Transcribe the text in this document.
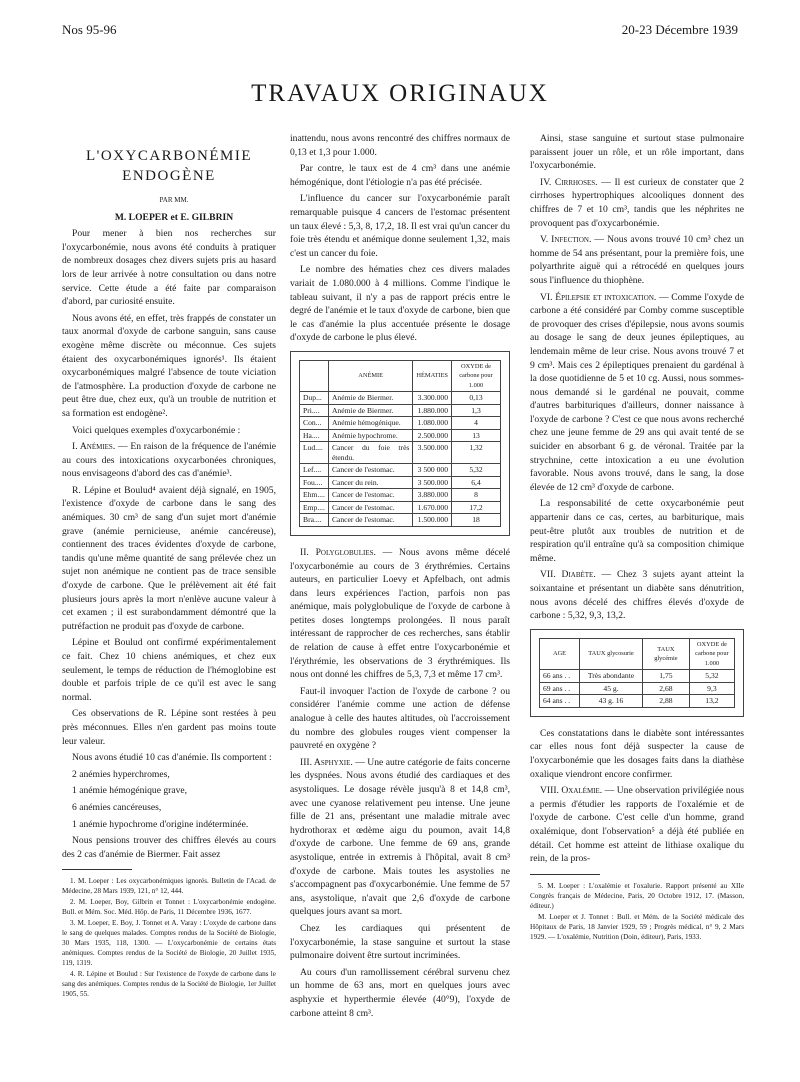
Nos 95-96	20-23 Décembre 1939
TRAVAUX ORIGINAUX
L'OXYCARBONÉMIE
ENDOGÈNE

PAR MM.

M. LOEPER et E. GILBRIN

Pour mener à bien nos recherches sur l'oxycarbonémie, nous avons été conduits à pratiquer de nombreux dosages chez divers sujets pris au hasard lors de leur arrivée à notre consultation ou dans notre service. Cette étude a été faite par comparaison d'abord, par curiosité ensuite.

Nous avons été, en effet, très frappés de constater un taux anormal d'oxyde de carbone sanguin, sans cause exogène même discrète ou méconnue. Ces sujets étaient des oxycarbonémiques ignorés¹. Ils étaient oxycarbonémiques malgré l'absence de toute viciation de l'atmosphère. La production d'oxyde de carbone ne peut être due, chez eux, qu'à un trouble de nutrition et sa formation est endogène².

Voici quelques exemples d'oxycarbonémie :

I. Anémies. — En raison de la fréquence de l'anémie au cours des intoxications oxycarbonées chroniques, nous envisageons d'abord des cas d'anémie³.

R. Lépine et Boulud⁴ avaient déjà signalé, en 1905, l'existence d'oxyde de carbone dans le sang des anémiques. 30 cm³ de sang d'un sujet mort d'anémie grave (anémie pernicieuse, anémie cancéreuse), contiennent des traces évidentes d'oxyde de carbone, tandis qu'une même quantité de sang prélevée chez un sujet non anémique ne contient pas de trace sensible d'oxyde de carbone. Que le prélèvement ait été fait plusieurs jours après la mort n'enlève aucune valeur à cet examen ; il est surabondamment démontré que la putréfaction ne produit pas d'oxyde de carbone.

Lépine et Boulud ont confirmé expérimentalement ce fait. Chez 10 chiens anémiques, et chez eux seulement, le temps de réduction de l'hémoglobine est double et parfois triple de ce qu'il est avec le sang normal.

Ces observations de R. Lépine sont restées à peu près méconnues. Elles n'en gardent pas moins toute leur valeur.

Nous avons étudié 10 cas d'anémie. Ils comportent :

2 anémies hyperchromes,

1 anémie hémogénique grave,

6 anémies cancéreuses,

1 anémie hypochrome d'origine indéterminée.

Nous pensions trouver des chiffres élevés au cours des 2 cas d'anémie de Biermer. Fait assez

1. M. Loeper : Les oxycarbonémiques ignorés. Bulletin de l'Acad. de Médecine, 28 Mars 1939, 121, n° 12, 444.
2. M. Loeper, Boy, Gilbrin et Tonnet : L'oxycarbonémie endogène. Bull. et Mém. Soc. Méd. Hôp. de Paris, 11 Décembre 1936, 1677.
3. M. Loeper, E. Boy, J. Tonnet et A. Varay : L'oxyde de carbone dans le sang de quelques malades. Comptes rendus de la Société de Biologie, 30 Mars 1935, 118, 1300. — L'oxycarbonémie de certains états anémiques. Comptes rendus de la Société de Biologie, 20 Juillet 1935, 119, 1319.
4. R. Lépine et Boulud : Sur l'existence de l'oxyde de carbone dans le sang des anémiques. Comptes rendus de la Société de Biologie, 1er Juillet 1905, 55.

inattendu, nous avons rencontré des chiffres normaux de 0,13 et 1,3 pour 1.000.

Par contre, le taux est de 4 cm³ dans une anémie hémogénique, dont l'étiologie n'a pas été précisée.

L'influence du cancer sur l'oxycarbonémie paraît remarquable puisque 4 cancers de l'estomac présentent un taux élevé : 5,3, 8, 17,2, 18. Il est vrai qu'un cancer du foie très étendu et anémique donne seulement 1,32, mais c'est un cancer du foie.

Le nombre des hématies chez ces divers malades variait de 1.080.000 à 4 millions. Comme l'indique le tableau suivant, il n'y a pas de rapport précis entre le degré de l'anémie et le taux d'oxyde de carbone, bien que le cas d'anémie la plus accentuée présente le dosage d'oxyde de carbone le plus élevé.

	ANÉMIE	HÉMATIES	OXYDE de carbone pour 1.000
Dup...	Anémie de Biermer.	3.300.000	0,13
Pri....	Anémie de Biermer.	1.880.000	1,3
Con...	Anémie hémogénique.	1.080.000	4
Ha....	Anémie hypochrome.	2.500.000	13
Lud....	Cancer du foie très étendu.	3.500.000	1,32
Lef....	Cancer de l'estomac.	3 500 000	5,32
Fou....	Cancer du rein.	3 500.000	6,4
Ehm....	Cancer de l'estomac.	3.880.000	8
Emp....	Cancer de l'estomac.	1.670.000	17,2
Bra....	Cancer de l'estomac.	1.500.000	18

II. Polyglobulies. — Nous avons même décelé l'oxycarbonémie au cours de 3 érythrémies. Certains auteurs, en particulier Loevy et Apfelbach, ont admis dans leurs expériences l'action, parfois non pas anémique, mais polyglobulique de l'oxyde de carbone à petites doses longtemps prolongées. Il nous paraît intéressant de rapprocher de ces recherches, sans établir de relation de cause à effet entre l'oxycarbonémie et l'érythrémie, les observations de 3 érythrémiques. Ils nous ont donné les chiffres de 5,3, 7,3 et même 17 cm³.

Faut-il invoquer l'action de l'oxyde de carbone ? ou considérer l'anémie comme une action de défense analogue à celle des hautes altitudes, où l'accroissement du nombre des globules rouges vient compenser la pauvreté en oxygène ?

III. Asphyxie. — Une autre catégorie de faits concerne les dyspnées. Nous avons étudié des cardiaques et des asystoliques. Le dosage révèle jusqu'à 8 et 14,8 cm³, avec une cyanose relativement peu intense. Une jeune fille de 21 ans, présentant une maladie mitrale avec hydrothorax et œdème aigu du poumon, avait 14,8 d'oxyde de carbone. Une femme de 69 ans, grande asystolique, entrée in extremis à l'hôpital, avait 8 cm³ d'oxyde de carbone. Mais toutes les asystolies ne s'accompagnent pas d'oxycarbonémie. Une femme de 57 ans, asystolique, n'avait que 2,6 d'oxyde de carbone quelques jours avant sa mort.

Chez les cardiaques qui présentent de l'oxycarbonémie, la stase sanguine et surtout la stase pulmonaire doivent être surtout incriminées.

Au cours d'un ramollissement cérébral survenu chez un homme de 63 ans, mort en quelques jours avec asphyxie et hyperthermie élevée (40°9), l'oxyde de carbone atteint 8 cm³.

Ainsi, stase sanguine et surtout stase pulmonaire paraissent jouer un rôle, et un rôle important, dans l'oxycarbonémie.

IV. Cirrhoses. — Il est curieux de constater que 2 cirrhoses hypertrophiques alcooliques donnent des chiffres de 7 et 10 cm³, tandis que les néphrites ne provoquent pas d'oxycarbonémie.

V. Infection. — Nous avons trouvé 10 cm³ chez un homme de 54 ans présentant, pour la première fois, une polyarthrite aiguë qui a rétrocédé en quelques jours sous l'influence du thiophène.

VI. Épilepsie et intoxication. — Comme l'oxyde de carbone a été considéré par Comby comme susceptible de provoquer des crises d'épilepsie, nous avons soumis au dosage le sang de deux jeunes épileptiques, au lendemain même de leur crise. Nous avons trouvé 7 et 9 cm³. Mais ces 2 épileptiques prenaient du gardénal à la dose quotidienne de 5 et 10 cg. Aussi, nous sommes-nous demandé si le gardénal ne pouvait, comme d'autres barbituriques d'ailleurs, donner naissance à l'oxyde de carbone ? C'est ce que nous avons recherché chez une jeune femme de 29 ans qui avait tenté de se suicider en absorbant 6 g. de véronal. Traitée par la strychnine, cette intoxication a eu une évolution favorable. Nous avons trouvé, dans le sang, la dose élevée de 12 cm³ d'oxyde de carbone.

La responsabilité de cette oxycarbonémie peut appartenir dans ce cas, certes, au barbiturique, mais peut-être plutôt aux troubles de nutrition et de respiration qu'il entraîne qu'à sa composition chimique même.

VII. Diabète. — Chez 3 sujets ayant atteint la soixantaine et présentant un diabète sans dénutrition, nous avons décelé des chiffres élevés d'oxyde de carbone : 5,32, 9,3, 13,2.

AGE	TAUX glycosurie	TAUX glycémie	OXYDE de carbone pour 1.000
66 ans . .	Très abondante	1,75	5,32
69 ans . .	45 g.	2,68	9,3
64 ans . .	43 g. 16	2,88	13,2

Ces constatations dans le diabète sont intéressantes car elles nous font déjà suspecter la cause de l'oxycarbonémie que les dosages faits dans la diathèse oxalique viendront encore confirmer.

VIII. Oxalémie. — Une observation privilégiée nous a permis d'étudier les rapports de l'oxalémie et de l'oxyde de carbone. C'est celle d'un homme, grand oxalémique, dont l'observation⁵ a déjà été publiée en détail. Cet homme est atteint de lithiase oxalique du rein, de la pros-

5. M. Loeper : L'oxalémie et l'oxalurie. Rapport présenté au XIIe Congrès français de Médecine, Paris, 20 Octobre 1912, 17. (Masson, éditeur.)
M. Loeper et J. Tonnet : Bull. et Mém. de la Société médicale des Hôpitaux de Paris, 18 Janvier 1929, 59 ; Progrès médical, n° 9, 2 Mars 1929. — L'oxalémie, Nutrition (Doin, éditeur), Paris, 1933.
